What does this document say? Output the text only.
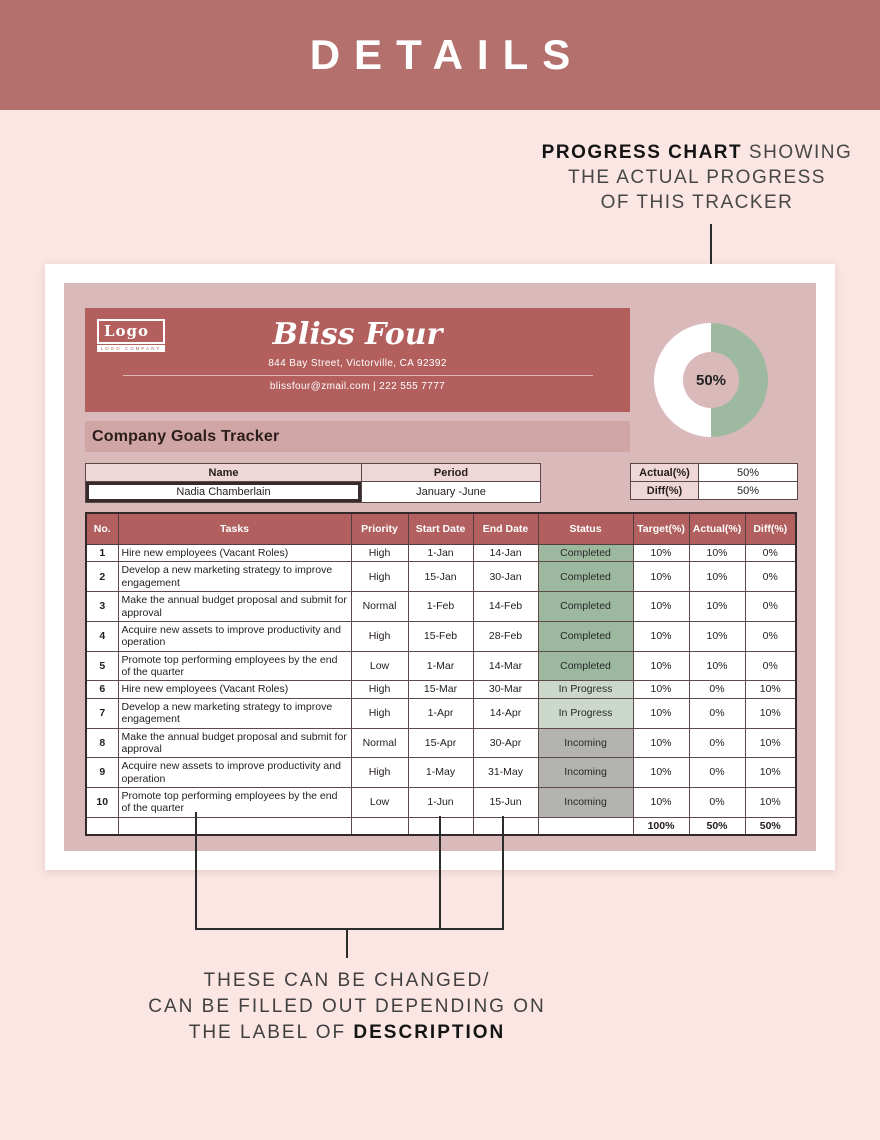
DETAILS
PROGRESS CHART SHOWING
THE ACTUAL PROGRESS
OF THIS TRACKER
Logo
LOGO COMPANY	Bliss Four
844 Bay Street, Victorville, CA 92392
blissfour@zmail.com | 222 555 7777	50%
Company Goals Tracker
Name	Period
Nadia Chamberlain	January -June
Actual(%)	50%
Diff(%)	50%
No.	Tasks	Priority	Start Date	End Date	Status	Target(%)	Actual(%)	Diff(%)
1	Hire new employees (Vacant Roles)	High	1-Jan	14-Jan	Completed	10%	10%	0%
2	Develop a new marketing strategy to improve engagement	High	15-Jan	30-Jan	Completed	10%	10%	0%
3	Make the annual budget proposal and submit for approval	Normal	1-Feb	14-Feb	Completed	10%	10%	0%
4	Acquire new assets to improve productivity and operation	High	15-Feb	28-Feb	Completed	10%	10%	0%
5	Promote top performing employees by the end of the quarter	Low	1-Mar	14-Mar	Completed	10%	10%	0%
6	Hire new employees (Vacant Roles)	High	15-Mar	30-Mar	In Progress	10%	0%	10%
7	Develop a new marketing strategy to improve engagement	High	1-Apr	14-Apr	In Progress	10%	0%	10%
8	Make the annual budget proposal and submit for approval	Normal	15-Apr	30-Apr	Incoming	10%	0%	10%
9	Acquire new assets to improve productivity and operation	High	1-May	31-May	Incoming	10%	0%	10%
10	Promote top performing employees by the end of the quarter	Low	1-Jun	15-Jun	Incoming	10%	0%	10%
						100%	50%	50%
THESE CAN BE CHANGED/
CAN BE FILLED OUT DEPENDING ON
THE LABEL OF DESCRIPTION
